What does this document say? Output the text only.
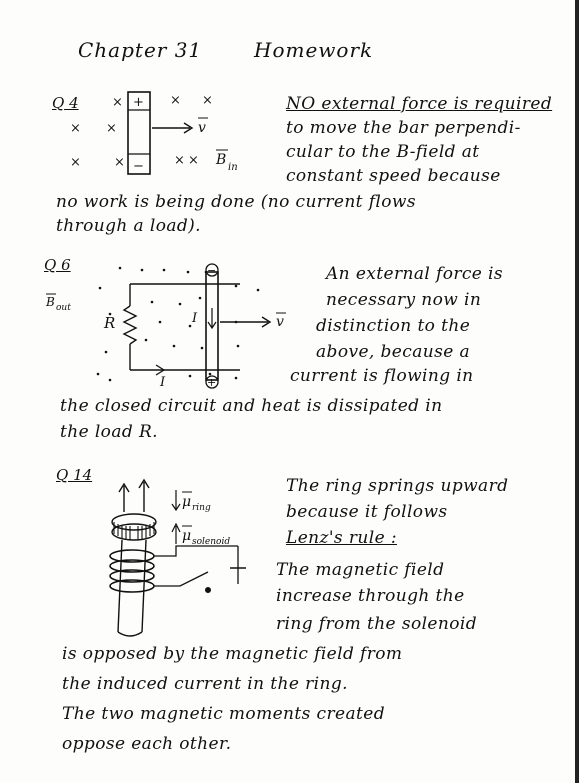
Chapter 31	Homework
Q 4	×	× ×
× ×
×	×	× ×
+
−
v
B in
NO external force is required
to move the bar perpendi-
cular to the B-field at
constant speed because
no work is being done (no current flows
through a load).
Q 6
B out
R
−
+
I
I
v
An external force is
necessary now in
distinction to the
above, because a
current is flowing in
the closed circuit and heat is dissipated in
the load R.
Q 14
μ ring
μ solenoid
The ring springs upward
because it follows
Lenz's rule :
The magnetic field
increase through the
ring from the solenoid
is opposed by the magnetic field from
the induced current in the ring.
The two magnetic moments created
oppose each other.
